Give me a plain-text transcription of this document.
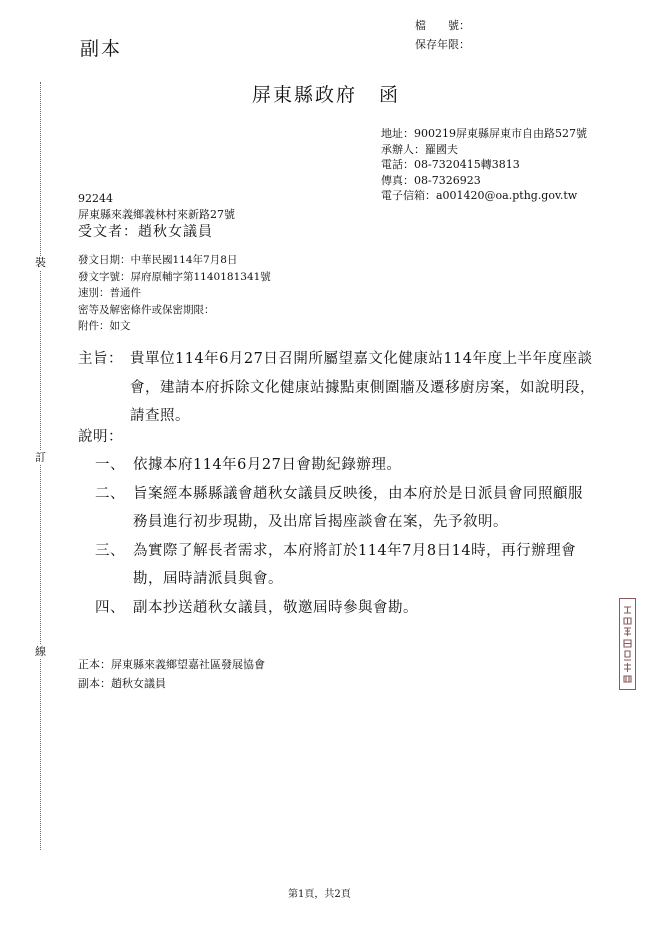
裝
訂
線
副本
檔　　號：
保存年限：
屏東縣政府 函
地址：900219屏東縣屏東市自由路527號
承辦人：羅國夫
電話：08-7320415轉3813
傳真：08-7326923
電子信箱：a001420@oa.pthg.gov.tw
92244
屏東縣來義鄉義林村來新路27號
受文者：趙秋女議員
發文日期：中華民國114年7月8日
發文字號：屏府原輔字第1140181341號
速別：普通件
密等及解密條件或保密期限：
附件：如文
主旨： 貴單位114年6月27日召開所屬望嘉文化健康站114年度上半年度座談會，建請本府拆除文化健康站據點東側圍牆及遷移廚房案，如說明段，請查照。
說明：
一、 依據本府114年6月27日會勘紀錄辦理。
二、 旨案經本縣縣議會趙秋女議員反映後，由本府於是日派員會同照顧服務員進行初步現勘，及出席旨揭座談會在案，先予敘明。
三、 為實際了解長者需求，本府將訂於114年7月8日14時，再行辦理會勘，屆時請派員與會。
四、 副本抄送趙秋女議員，敬邀屆時參與會勘。
正本：屏東縣來義鄉望嘉社區發展協會
副本：趙秋女議員
第1頁，共2頁
